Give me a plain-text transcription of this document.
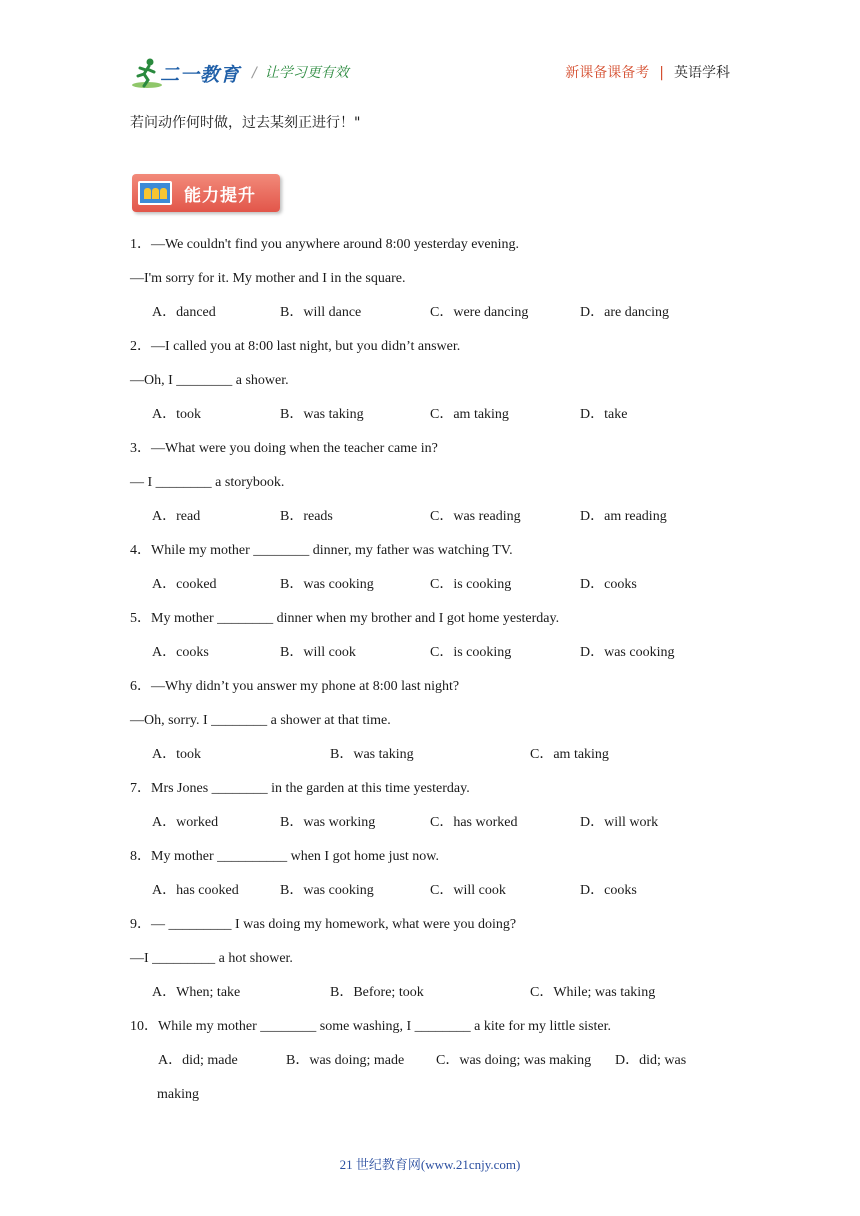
二一教育 / 让学习更有效	新课备课备考 | 英语学科
若问动作何时做，过去某刻正进行！"
能力提升
1．—We couldn't find you anywhere around 8:00 yesterday evening.
—I'm sorry for it. My mother and I in the square.
A．danced	B．will dance	C．were dancing	D．are dancing
2．—I called you at 8:00 last night, but you didn’t answer.
—Oh, I ________ a shower.
A．took	B．was taking	C．am taking	D．take
3．—What were you doing when the teacher came in?
— I ________ a storybook.
A．read	B．reads	C．was reading	D．am reading
4．While my mother ________ dinner, my father was watching TV.
A．cooked	B．was cooking	C．is cooking	D．cooks
5．My mother ________ dinner when my brother and I got home yesterday.
A．cooks	B．will cook	C．is cooking	D．was cooking
6．—Why didn’t you answer my phone at 8:00 last night?
—Oh, sorry. I ________ a shower at that time.
A．took	B．was taking	C．am taking
7．Mrs Jones ________ in the garden at this time yesterday.
A．worked	B．was working	C．has worked	D．will work
8．My mother __________ when I got home just now.
A．has cooked	B．was cooking	C．will cook	D．cooks
9．— _________ I was doing my homework, what were you doing?
—I _________ a hot shower.
A．When; take	B．Before; took	C．While; was taking
10．While my mother ________ some washing, I ________ a kite for my little sister.
A．did; made	B．was doing; made C．was doing; was making D．did; was
making
21 世纪教育网(www.21cnjy.com)
